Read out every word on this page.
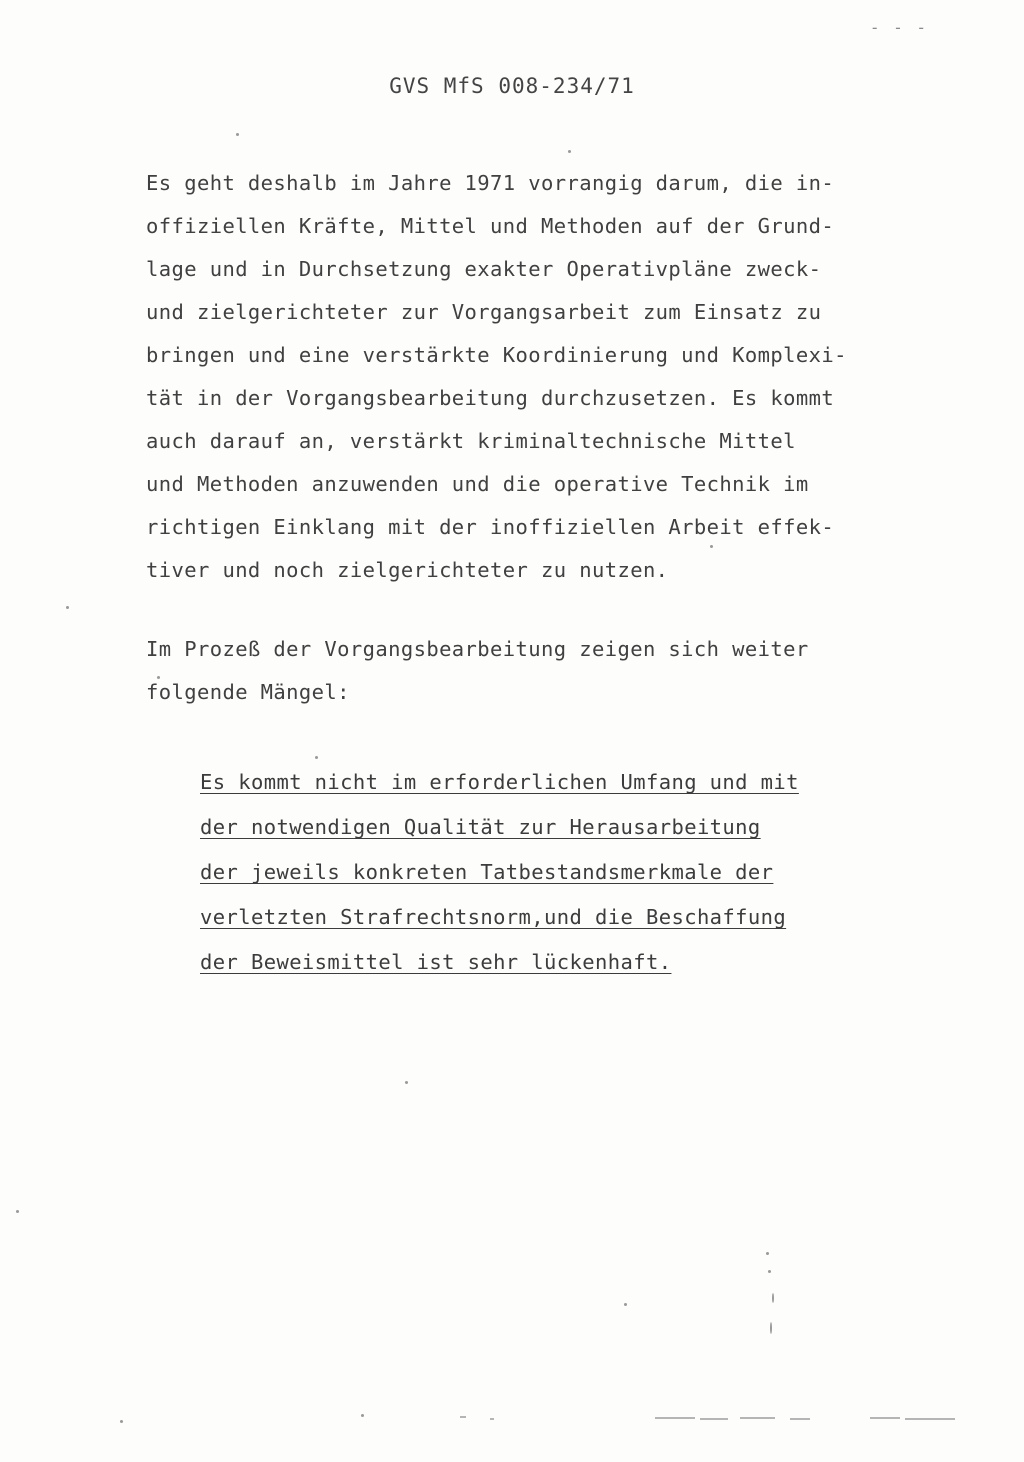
- - -
GVS MfS 008-234/71
Es geht deshalb im Jahre 1971 vorrangig darum, die in-
offiziellen Kräfte, Mittel und Methoden auf der Grund-
lage und in Durchsetzung exakter Operativpläne zweck-
und zielgerichteter zur Vorgangsarbeit zum Einsatz zu
bringen und eine verstärkte Koordinierung und Komplexi-
tät in der Vorgangsbearbeitung durchzusetzen. Es kommt
auch darauf an, verstärkt kriminaltechnische Mittel
und Methoden anzuwenden und die operative Technik im
richtigen Einklang mit der inoffiziellen Arbeit effek-
tiver und noch zielgerichteter zu nutzen.
Im Prozeß der Vorgangsbearbeitung zeigen sich weiter
folgende Mängel:
Es kommt nicht im erforderlichen Umfang und mit
der notwendigen Qualität zur Herausarbeitung
der jeweils konkreten Tatbestandsmerkmale der
verletzten Strafrechtsnorm,und die Beschaffung
der Beweismittel ist sehr lückenhaft.
